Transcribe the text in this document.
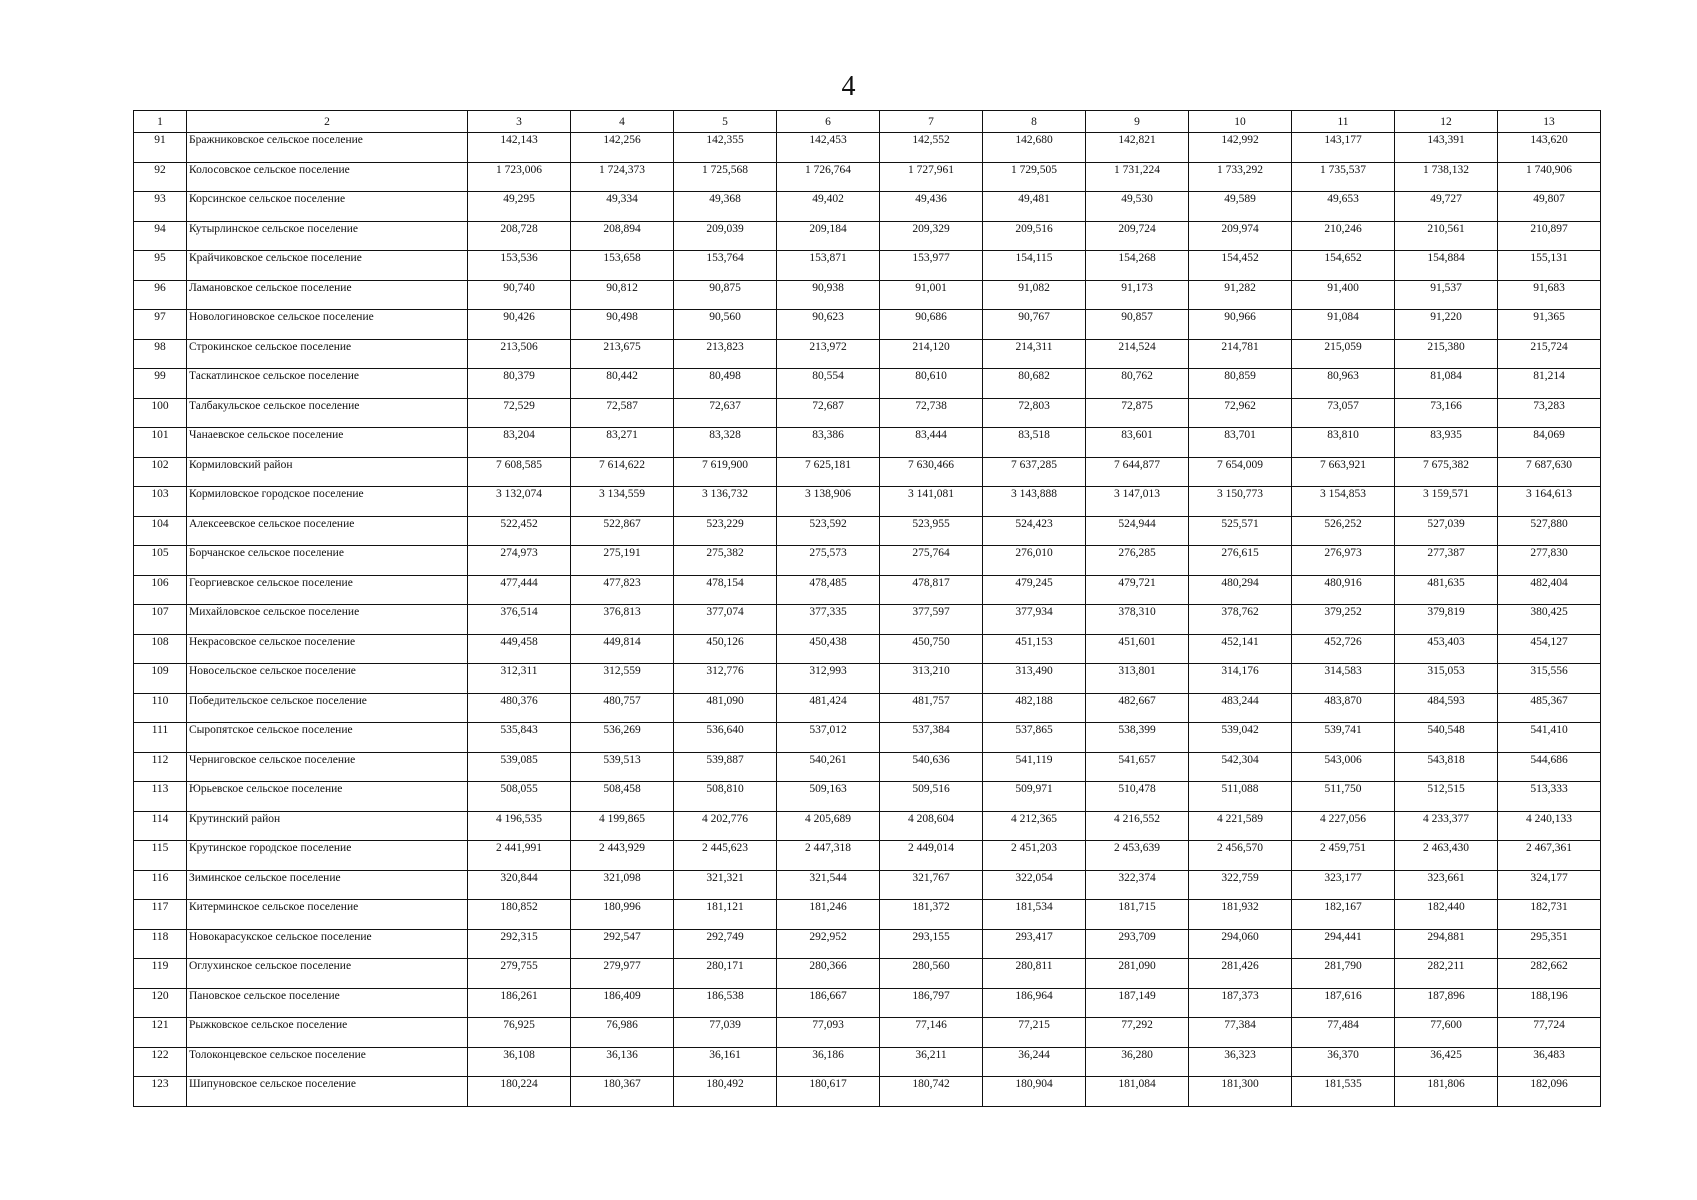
4
1	2	3	4	5	6	7	8	9	10	11	12	13
91	Бражниковское сельское поселение	142,143	142,256	142,355	142,453	142,552	142,680	142,821	142,992	143,177	143,391	143,620
92	Колосовское сельское поселение	1 723,006	1 724,373	1 725,568	1 726,764	1 727,961	1 729,505	1 731,224	1 733,292	1 735,537	1 738,132	1 740,906
93	Корсинское сельское поселение	49,295	49,334	49,368	49,402	49,436	49,481	49,530	49,589	49,653	49,727	49,807
94	Кутырлинское сельское поселение	208,728	208,894	209,039	209,184	209,329	209,516	209,724	209,974	210,246	210,561	210,897
95	Крайчиковское сельское поселение	153,536	153,658	153,764	153,871	153,977	154,115	154,268	154,452	154,652	154,884	155,131
96	Ламановское сельское поселение	90,740	90,812	90,875	90,938	91,001	91,082	91,173	91,282	91,400	91,537	91,683
97	Новологиновское сельское поселение	90,426	90,498	90,560	90,623	90,686	90,767	90,857	90,966	91,084	91,220	91,365
98	Строкинское сельское поселение	213,506	213,675	213,823	213,972	214,120	214,311	214,524	214,781	215,059	215,380	215,724
99	Таскатлинское сельское поселение	80,379	80,442	80,498	80,554	80,610	80,682	80,762	80,859	80,963	81,084	81,214
100	Талбакульское сельское поселение	72,529	72,587	72,637	72,687	72,738	72,803	72,875	72,962	73,057	73,166	73,283
101	Чанаевское сельское поселение	83,204	83,271	83,328	83,386	83,444	83,518	83,601	83,701	83,810	83,935	84,069
102	Кормиловский район	7 608,585	7 614,622	7 619,900	7 625,181	7 630,466	7 637,285	7 644,877	7 654,009	7 663,921	7 675,382	7 687,630
103	Кормиловское городское поселение	3 132,074	3 134,559	3 136,732	3 138,906	3 141,081	3 143,888	3 147,013	3 150,773	3 154,853	3 159,571	3 164,613
104	Алексеевское сельское поселение	522,452	522,867	523,229	523,592	523,955	524,423	524,944	525,571	526,252	527,039	527,880
105	Борчанское сельское поселение	274,973	275,191	275,382	275,573	275,764	276,010	276,285	276,615	276,973	277,387	277,830
106	Георгиевское сельское поселение	477,444	477,823	478,154	478,485	478,817	479,245	479,721	480,294	480,916	481,635	482,404
107	Михайловское сельское поселение	376,514	376,813	377,074	377,335	377,597	377,934	378,310	378,762	379,252	379,819	380,425
108	Некрасовское сельское поселение	449,458	449,814	450,126	450,438	450,750	451,153	451,601	452,141	452,726	453,403	454,127
109	Новосельское сельское поселение	312,311	312,559	312,776	312,993	313,210	313,490	313,801	314,176	314,583	315,053	315,556
110	Победительское сельское поселение	480,376	480,757	481,090	481,424	481,757	482,188	482,667	483,244	483,870	484,593	485,367
111	Сыропятское сельское поселение	535,843	536,269	536,640	537,012	537,384	537,865	538,399	539,042	539,741	540,548	541,410
112	Черниговское сельское поселение	539,085	539,513	539,887	540,261	540,636	541,119	541,657	542,304	543,006	543,818	544,686
113	Юрьевское сельское поселение	508,055	508,458	508,810	509,163	509,516	509,971	510,478	511,088	511,750	512,515	513,333
114	Крутинский район	4 196,535	4 199,865	4 202,776	4 205,689	4 208,604	4 212,365	4 216,552	4 221,589	4 227,056	4 233,377	4 240,133
115	Крутинское городское поселение	2 441,991	2 443,929	2 445,623	2 447,318	2 449,014	2 451,203	2 453,639	2 456,570	2 459,751	2 463,430	2 467,361
116	Зиминское сельское поселение	320,844	321,098	321,321	321,544	321,767	322,054	322,374	322,759	323,177	323,661	324,177
117	Китерминское сельское поселение	180,852	180,996	181,121	181,246	181,372	181,534	181,715	181,932	182,167	182,440	182,731
118	Новокарасукское сельское поселение	292,315	292,547	292,749	292,952	293,155	293,417	293,709	294,060	294,441	294,881	295,351
119	Оглухинское сельское поселение	279,755	279,977	280,171	280,366	280,560	280,811	281,090	281,426	281,790	282,211	282,662
120	Пановское сельское поселение	186,261	186,409	186,538	186,667	186,797	186,964	187,149	187,373	187,616	187,896	188,196
121	Рыжковское сельское поселение	76,925	76,986	77,039	77,093	77,146	77,215	77,292	77,384	77,484	77,600	77,724
122	Толоконцевское сельское поселение	36,108	36,136	36,161	36,186	36,211	36,244	36,280	36,323	36,370	36,425	36,483
123	Шипуновское сельское поселение	180,224	180,367	180,492	180,617	180,742	180,904	181,084	181,300	181,535	181,806	182,096
